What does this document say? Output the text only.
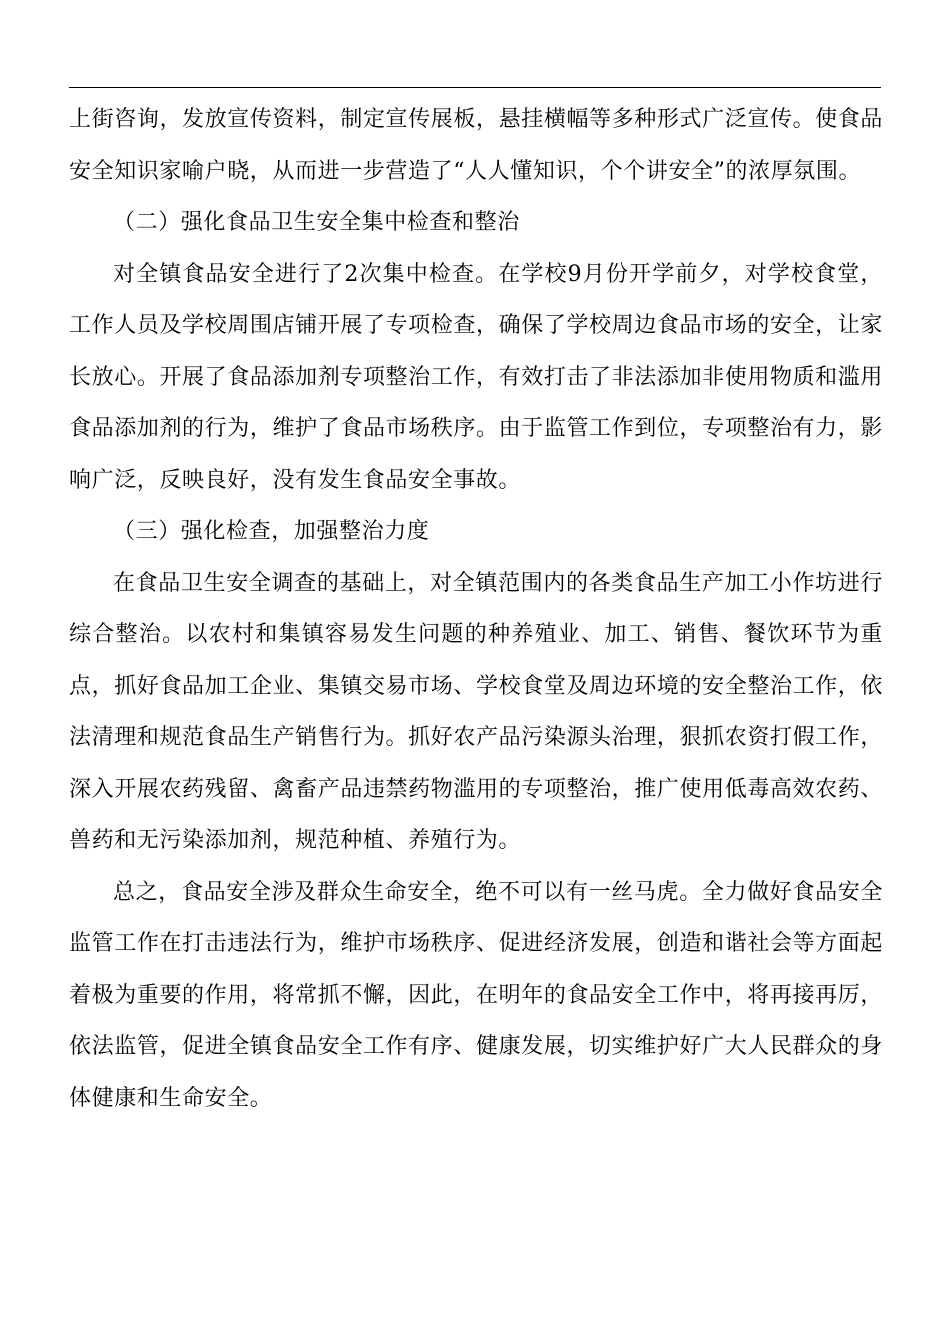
上街咨询，发放宣传资料，制定宣传展板，悬挂横幅等多种形式广泛宣传。使食品安全知识家喻户晓，从而进一步营造了“人人懂知识，个个讲安全”的浓厚氛围。

（二）强化食品卫生安全集中检查和整治

对全镇食品安全进行了2次集中检查。在学校9月份开学前夕，对学校食堂，工作人员及学校周围店铺开展了专项检查，确保了学校周边食品市场的安全，让家长放心。开展了食品添加剂专项整治工作，有效打击了非法添加非使用物质和滥用食品添加剂的行为，维护了食品市场秩序。由于监管工作到位，专项整治有力，影响广泛，反映良好，没有发生食品安全事故。

（三）强化检查，加强整治力度

在食品卫生安全调查的基础上，对全镇范围内的各类食品生产加工小作坊进行综合整治。以农村和集镇容易发生问题的种养殖业、加工、销售、餐饮环节为重点，抓好食品加工企业、集镇交易市场、学校食堂及周边环境的安全整治工作，依法清理和规范食品生产销售行为。抓好农产品污染源头治理，狠抓农资打假工作，深入开展农药残留、禽畜产品违禁药物滥用的专项整治，推广使用低毒高效农药、兽药和无污染添加剂，规范种植、养殖行为。

总之，食品安全涉及群众生命安全，绝不可以有一丝马虎。全力做好食品安全监管工作在打击违法行为，维护市场秩序、促进经济发展，创造和谐社会等方面起着极为重要的作用，将常抓不懈，因此，在明年的食品安全工作中，将再接再厉，依法监管，促进全镇食品安全工作有序、健康发展，切实维护好广大人民群众的身体健康和生命安全。
